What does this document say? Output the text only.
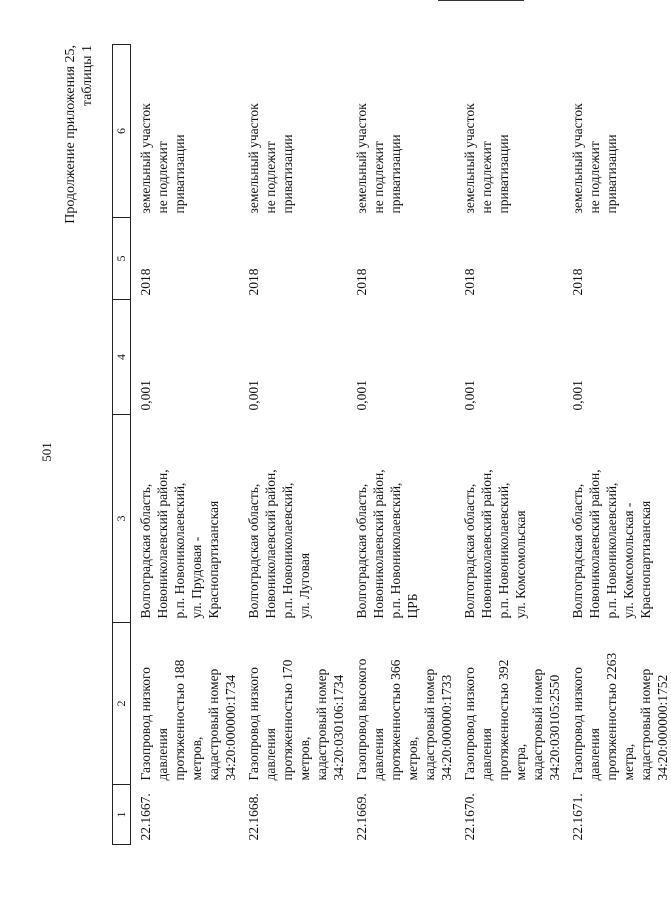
501
Продолжение приложения 25, таблицы 1
1	2	3	4	5	6
22.1667.	Газопровод низкого давления
протяженностью 188 метров,
кадастровый номер
34:20:000000:1734	Волгоградская область,
Новониколаевский район,
р.п. Новониколаевский,
ул. Прудовая -
Краснопартизанская	0,001	2018	земельный участок
не подлежит
приватизации

22.1668.	Газопровод низкого давления
протяженностью 170 метров,
кадастровый номер
34:20:030106:1734	Волгоградская область,
Новониколаевский район,
р.п. Новониколаевский,
ул. Луговая	0,001	2018	земельный участок
не подлежит
приватизации

22.1669.	Газопровод высокого давления
протяженностью 366 метров,
кадастровый номер
34:20:000000:1733	Волгоградская область,
Новониколаевский район,
р.п. Новониколаевский,
ЦРБ	0,001	2018	земельный участок
не подлежит
приватизации

22.1670.	Газопровод низкого давления
протяженностью 392 метра,
кадастровый номер
34:20:030105:2550	Волгоградская область,
Новониколаевский район,
р.п. Новониколаевский,
ул. Комсомольская	0,001	2018	земельный участок
не подлежит
приватизации

22.1671.	Газопровод низкого давления
протяженностью 2263 метра,
кадастровый номер
34:20:000000:1752	Волгоградская область,
Новониколаевский район,
р.п. Новониколаевский,
ул. Комсомольская -
Краснопартизанская	0,001	2018	земельный участок
не подлежит
приватизации
